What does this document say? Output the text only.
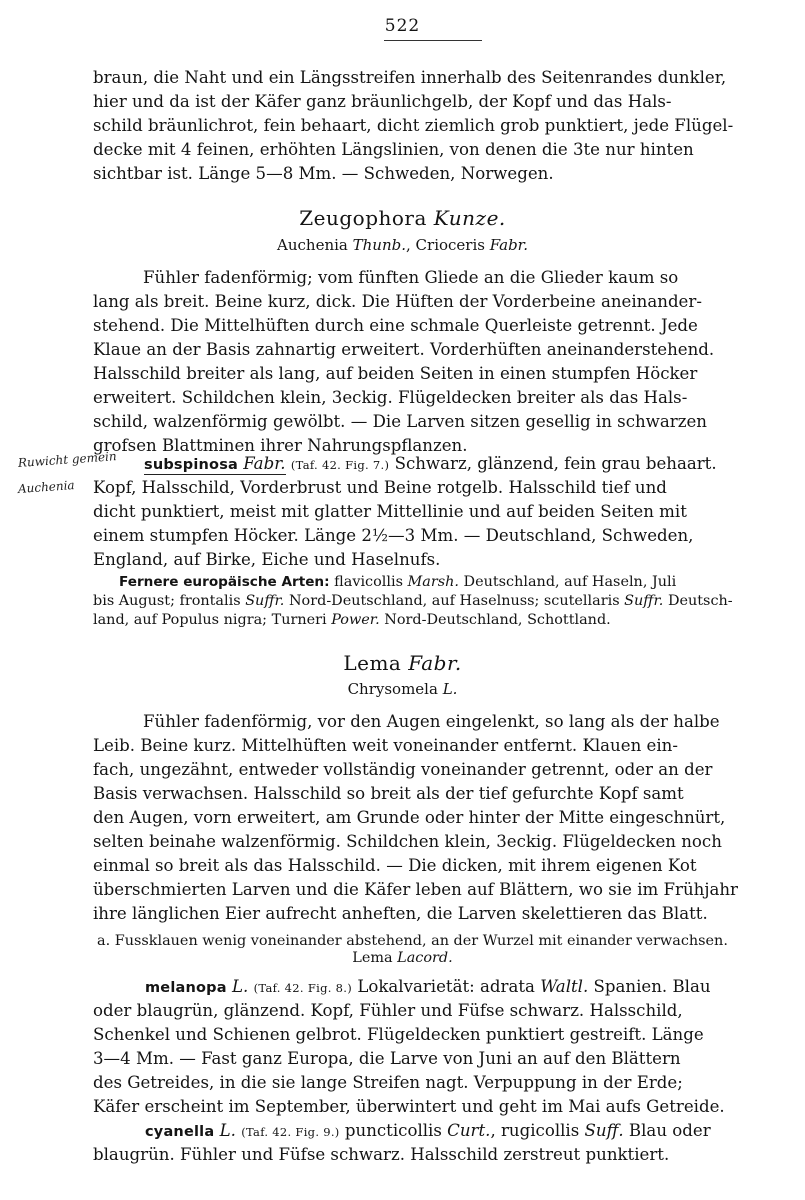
522

braun, die Naht und ein Längsstreifen innerhalb des Seitenrandes dunkler,

hier und da ist der Käfer ganz bräunlichgelb, der Kopf und das Hals-

schild bräunlichrot, fein behaart, dicht ziemlich grob punktiert, jede Flügel-

decke mit 4 feinen, erhöhten Längslinien, von denen die 3te nur hinten

sichtbar ist. Länge 5—8 Mm. — Schweden, Norwegen.

Zeugophora Kunze.
Auchenia Thunb., Crioceris Fabr.

Fühler fadenförmig; vom fünften Gliede an die Glieder kaum so

lang als breit. Beine kurz, dick. Die Hüften der Vorderbeine aneinander-

stehend. Die Mittelhüften durch eine schmale Querleiste getrennt. Jede

Klaue an der Basis zahnartig erweitert. Vorderhüften aneinanderstehend.

Halsschild breiter als lang, auf beiden Seiten in einen stumpfen Höcker

erweitert. Schildchen klein, 3eckig. Flügeldecken breiter als das Hals-

schild, walzenförmig gewölbt. — Die Larven sitzen gesellig in schwarzen

grofsen Blattminen ihrer Nahrungspflanzen.

Ruwicht gemein
Auchenia

subspinosa Fabr. (Taf. 42. Fig. 7.) Schwarz, glänzend, fein grau behaart.

Kopf, Halsschild, Vorderbrust und Beine rotgelb. Halsschild tief und

dicht punktiert, meist mit glatter Mittellinie und auf beiden Seiten mit

einem stumpfen Höcker. Länge 2½—3 Mm. — Deutschland, Schweden,

England, auf Birke, Eiche und Haselnufs.

Fernere europäische Arten: flavicollis Marsh. Deutschland, auf Haseln, Juli

bis August; frontalis Suffr. Nord-Deutschland, auf Haselnuss; scutellaris Suffr. Deutsch-

land, auf Populus nigra; Turneri Power. Nord-Deutschland, Schottland.

Lema Fabr.
Chrysomela L.

Fühler fadenförmig, vor den Augen eingelenkt, so lang als der halbe

Leib. Beine kurz. Mittelhüften weit voneinander entfernt. Klauen ein-

fach, ungezähnt, entweder vollständig voneinander getrennt, oder an der

Basis verwachsen. Halsschild so breit als der tief gefurchte Kopf samt

den Augen, vorn erweitert, am Grunde oder hinter der Mitte eingeschnürt,

selten beinahe walzenförmig. Schildchen klein, 3eckig. Flügeldecken noch

einmal so breit als das Halsschild. — Die dicken, mit ihrem eigenen Kot

überschmierten Larven und die Käfer leben auf Blättern, wo sie im Frühjahr

ihre länglichen Eier aufrecht anheften, die Larven skelettieren das Blatt.

a. Fussklauen wenig voneinander abstehend, an der Wurzel mit einander verwachsen.

Lema Lacord.

melanopa L. (Taf. 42. Fig. 8.) Lokalvarietät: adrata Waltl. Spanien. Blau

oder blaugrün, glänzend. Kopf, Fühler und Füfse schwarz. Halsschild,

Schenkel und Schienen gelbrot. Flügeldecken punktiert gestreift. Länge

3—4 Mm. — Fast ganz Europa, die Larve von Juni an auf den Blättern

des Getreides, in die sie lange Streifen nagt. Verpuppung in der Erde;

Käfer erscheint im September, überwintert und geht im Mai aufs Getreide.

cyanella L. (Taf. 42. Fig. 9.) puncticollis Curt., rugicollis Suff. Blau oder

blaugrün. Fühler und Füfse schwarz. Halsschild zerstreut punktiert.
